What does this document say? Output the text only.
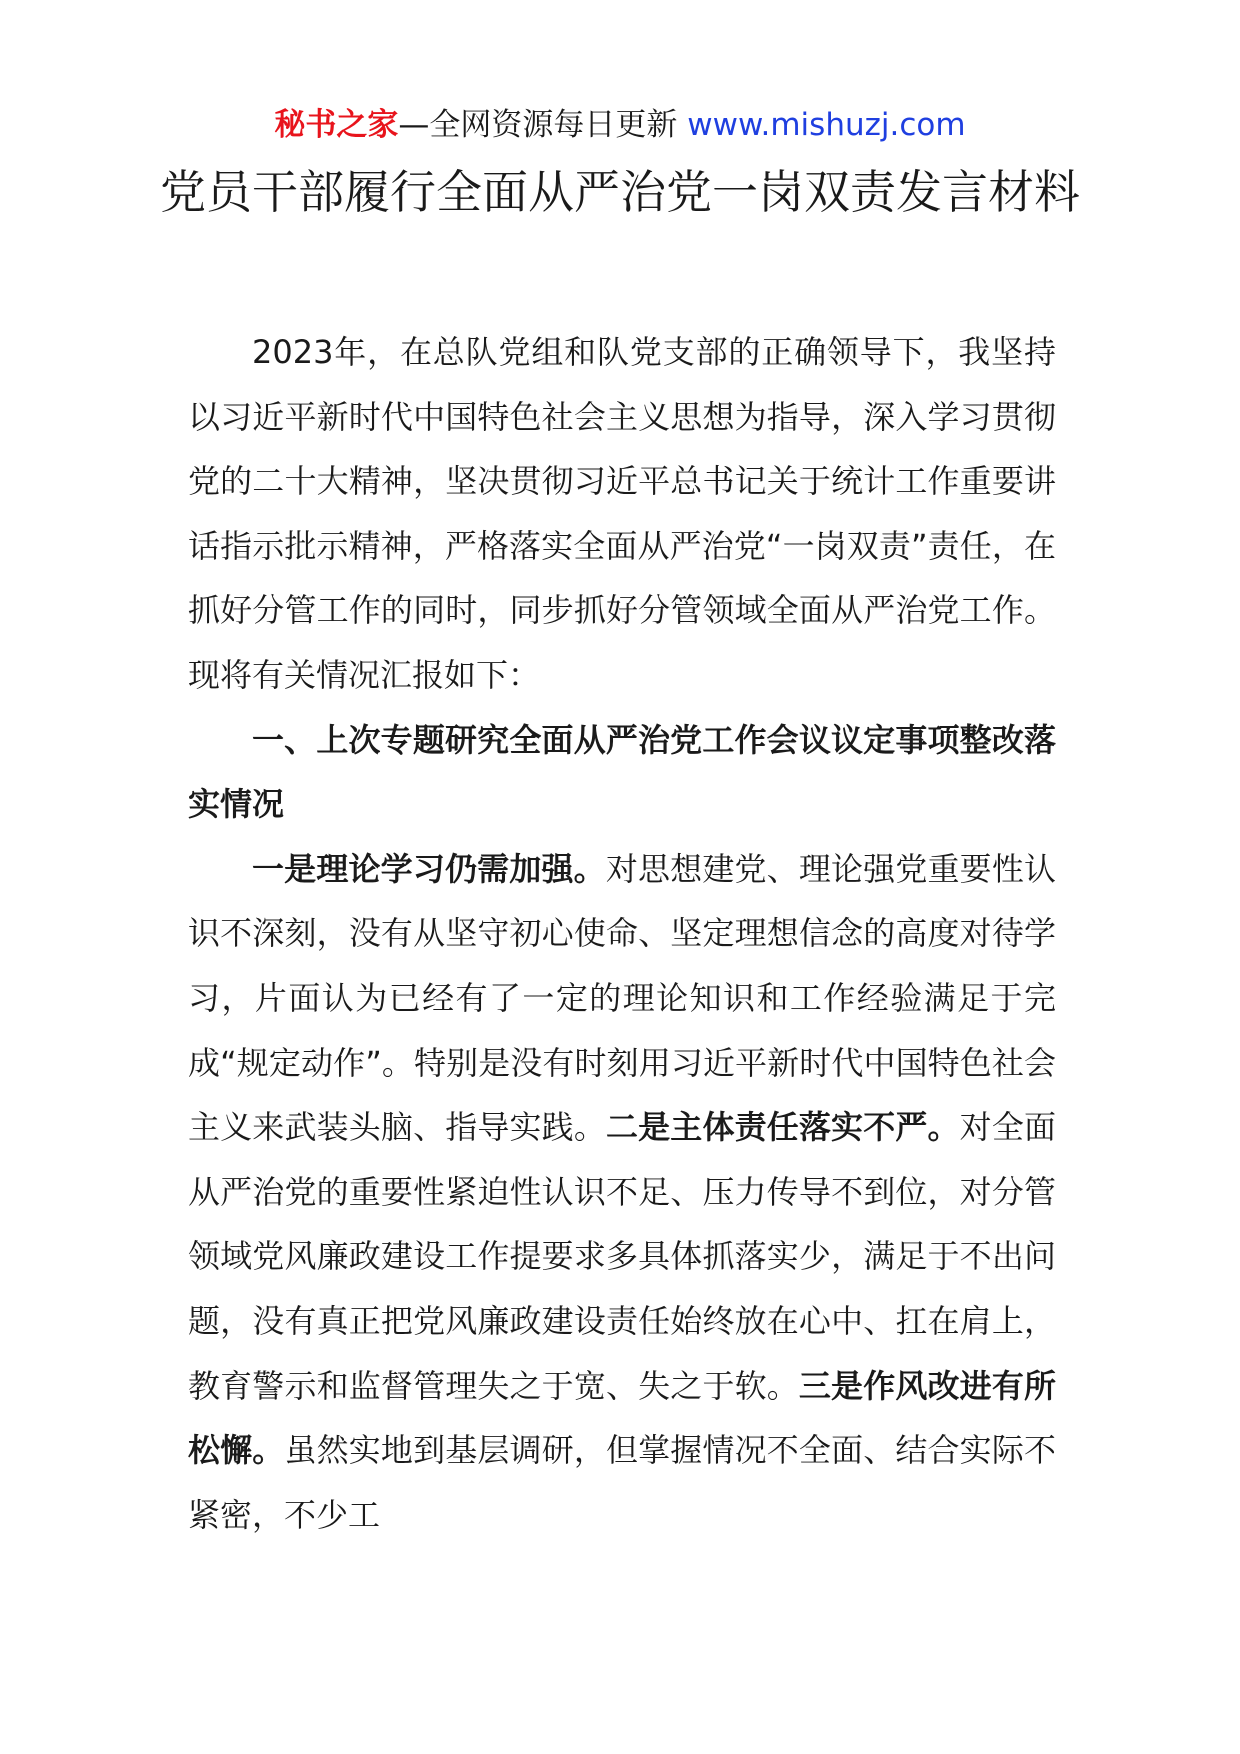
秘书之家—全网资源每日更新 www.mishuzj.com
党员干部履行全面从严治党一岗双责发言材料

2023年，在总队党组和队党支部的正确领导下，我坚持以习近平新时代中国特色社会主义思想为指导，深入学习贯彻党的二十大精神，坚决贯彻习近平总书记关于统计工作重要讲话指示批示精神，严格落实全面从严治党“一岗双责”责任，在抓好分管工作的同时，同步抓好分管领域全面从严治党工作。现将有关情况汇报如下：

一、上次专题研究全面从严治党工作会议议定事项整改落实情况

一是理论学习仍需加强。对思想建党、理论强党重要性认识不深刻，没有从坚守初心使命、坚定理想信念的高度对待学习，片面认为已经有了一定的理论知识和工作经验满足于完成“规定动作”。特别是没有时刻用习近平新时代中国特色社会主义来武装头脑、指导实践。二是主体责任落实不严。对全面从严治党的重要性紧迫性认识不足、压力传导不到位，对分管领域党风廉政建设工作提要求多具体抓落实少，满足于不出问题，没有真正把党风廉政建设责任始终放在心中、扛在肩上，教育警示和监督管理失之于宽、失之于软。三是作风改进有所松懈。虽然实地到基层调研，但掌握情况不全面、结合实际不紧密，不少工
